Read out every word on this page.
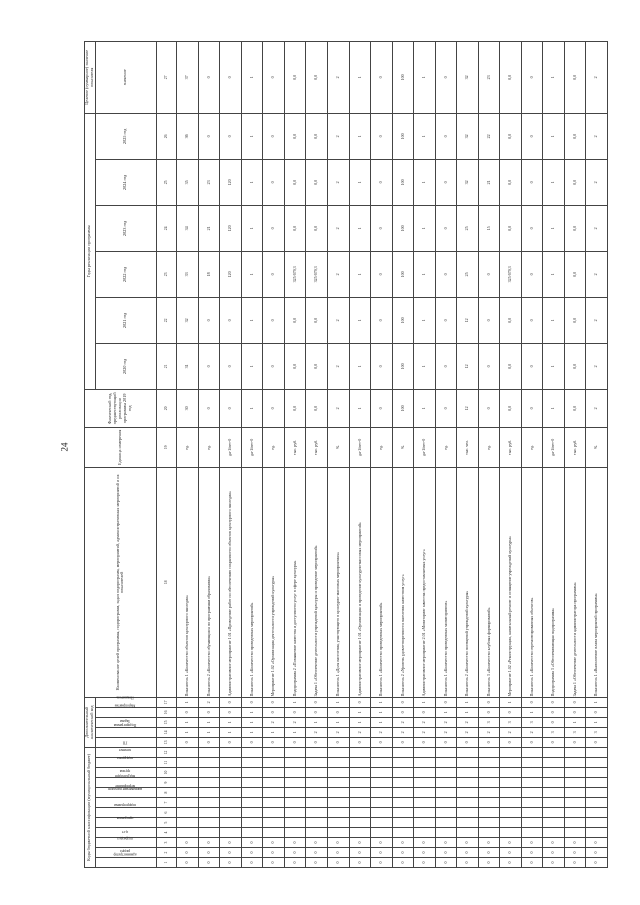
24
Коды бюджетной классификации (муниципальный бюджет)												Дополнительный аналитический код					Наименование целей программы, подпрограмм, задач подпрограмм, мероприятий, административных мероприятий и их показателей	Единица измерения	Фактический год, предшествующий реализации программы 2019 год	Годы реализации программы						Целевое (суммарное) значение показателя
администратор	раздел	подраздел	ц.ст	программа	подпрограмма	направление расходов	мероприятие	вид расходов	группа	подгруппа	элемент	ГП	Подпрограмма	Задача	Мероприятие	Показатель				2020 год	2021 год	2022 год	2023 год	2024 год	2025 год	значение
1	2	3	4	5	6	7	8	9	10	11	12	13	14	15	16	17	18	19	20	21	22	23	24	25	26	27
0	0	0										0	1	1	0	1	Показатель 1 «Количество объектов культурного наследия»	ед.	30	31	32	33	34	35	36	37
0	0	0										0	1	1	0	2	Показатель 2 «Количество обучающихся по программам образования»	ед.	0	0	0	18	21	23	0	0
0	0	0										0	1	1	0	0	Административное мероприятие 1.01 «Проведение работ по обеспечению сохранности объектов культурного наследия»	да-1/нет-0	0	0	0	120	120	120	0	0
0	0	0										0	1	1	1	0	Показатель 1 «Количество проведенных мероприятий»	да-1/нет-0	1	1	1	1	1	1	1	1
0	0	0										0	1	2	0	0	Мероприятие 1.02 «Организация деятельности учреждений культуры»	ед.	0	0	0	0	0	0	0	0
0	0	0										0	1	2	0	1	Подпрограмма 2 «Повышение качества и доступности услуг в сфере культуры»	тыс. руб.	0,0	0,0	0,0	325 679,3	0,0	0,0	0,0	0,0
0	0	0										0	2	1	0	0	Задача 1 «Обеспечение деятельности учреждений культуры и проведение мероприятий»	тыс. руб.	0,0	0,0	0,0	325 679,3	0,0	0,0	0,0	0,0
0	0	0										0	2	1	0	1	Показатель 1 «Доля населения, участвующего в культурно-массовых мероприятиях»	%	2	2	2	2	2	2	2	2
0	0	0										0	2	1	1	0	Административное мероприятие 1.01 «Организация и проведение культурно-массовых мероприятий»	да-1/нет-0	1	1	1	1	1	1	1	1
0	0	0										0	2	1	1	1	Показатель 1 «Количество проведенных мероприятий»	ед.	0	0	0	0	0	0	0	0
0	0	0										0	2	2	0	0	Показатель 2 «Уровень удовлетворенности населения качеством услуг»	%	100	100	100	100	100	100	100	100
0	0	0										0	2	2	0	1	Административное мероприятие 2.01 «Мониторинг качества предоставляемых услуг»	да-1/нет-0	1	1	1	1	1	1	1	1
0	0	0										0	2	2	1	0	Показатель 1 «Количество проведенных мониторингов»	ед.	0	0	0	0	0	0	0	0
0	0	0										0	2	2	1	1	Показатель 2 «Количество посещений учреждений культуры»	тыс. чел.	12	12	12	25	25	32	32	32
0	0	0										0	2	3	0	0	Показатель 3 «Количество клубных формирований»	ед.	0	0	0	0	15	21	22	23
0	0	0										0	2	3	0	1	Мероприятие 1.02 «Реконструкция, капитальный ремонт и оснащение учреждений культуры»	тыс. руб.	0,0	0,0	0,0	325 679,3	0,0	0,0	0,0	0,0
0	0	0										0	2	3	1	0	Показатель 1 «Количество отремонтированных объектов»	ед.	0	0	0	0	0	0	0	0
0	0	0										0	3	0	0	0	Подпрограмма 3 «Обеспечивающая подпрограмма»	да-1/нет-0	1	1	1	1	1	1	1	1
0	0	0										0	3	1	0	0	Задача 1 «Обеспечение деятельности администратора программы»	тыс. руб.	0,0	0,0	0,0	0,0	0,0	0,0	0,0	0,0
0	0	0										0	3	1	0	1	Показатель 1 «Выполнение плана мероприятий программы»	%	2	2	2	2	2	2	2	2
